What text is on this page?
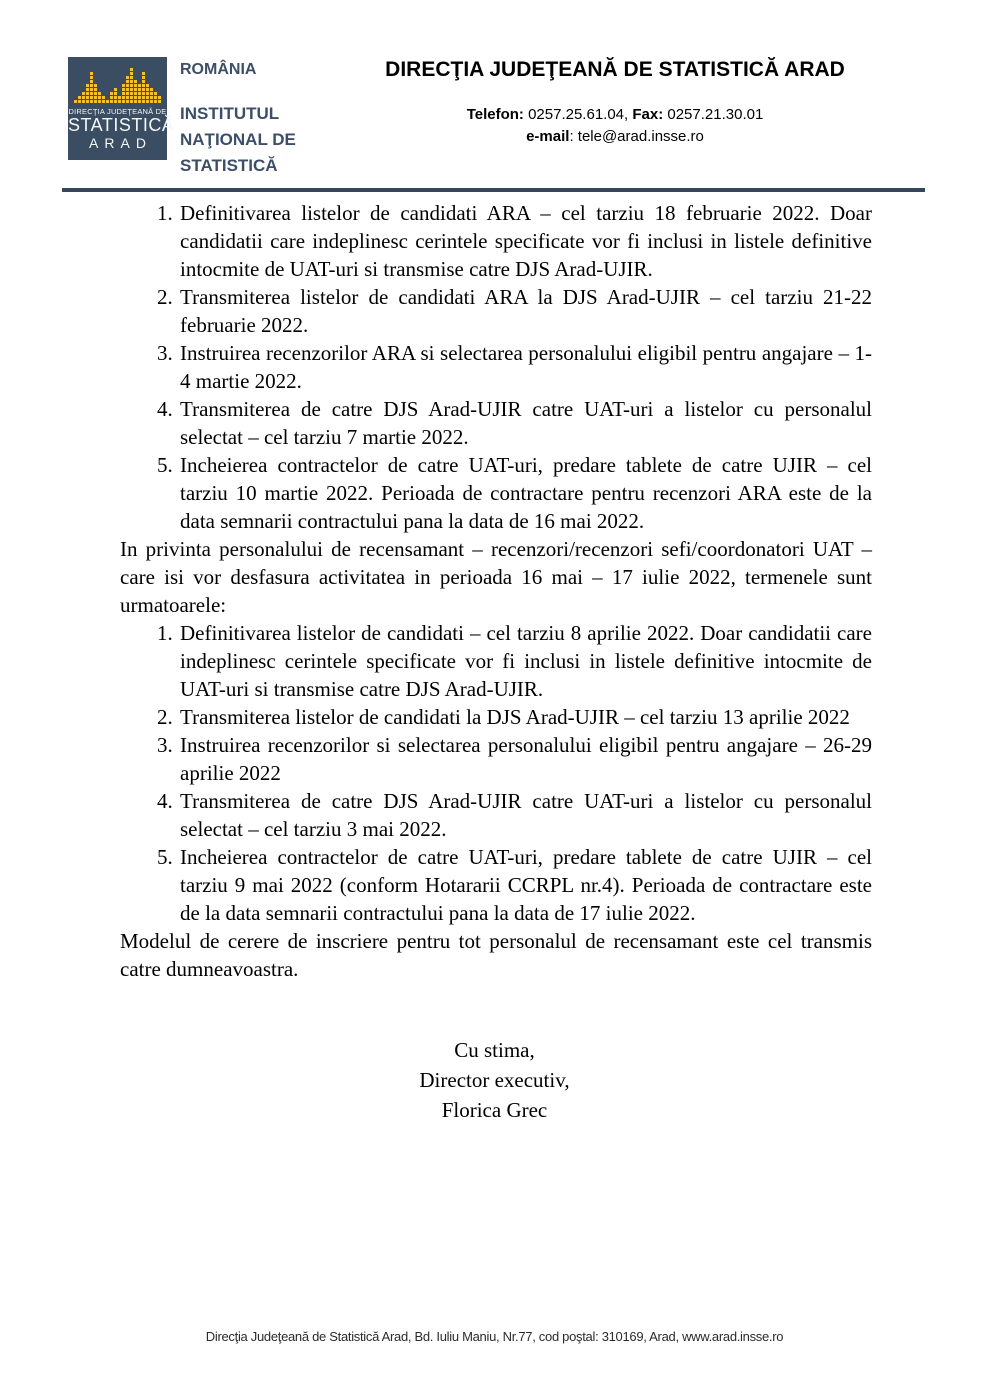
DIRECŢIA JUDEŢEANĂ DE
STATISTICĂ
ARAD
ROMÂNIA
INSTITUTUL
NAŢIONAL DE
STATISTICĂ
DIRECŢIA JUDEŢEANĂ DE STATISTICĂ ARAD
Telefon: 0257.25.61.04, Fax: 0257.21.30.01
e-mail: tele@arad.insse.ro
1. Definitivarea listelor de candidati ARA – cel tarziu 18 februarie 2022. Doar candidatii care indeplinesc cerintele specificate vor fi inclusi in listele definitive intocmite de UAT-uri si transmise catre DJS Arad-UJIR.
2. Transmiterea listelor de candidati ARA la DJS Arad-UJIR – cel tarziu 21-22 februarie 2022.
3. Instruirea recenzorilor ARA si selectarea personalului eligibil pentru angajare – 1-4 martie 2022.
4. Transmiterea de catre DJS Arad-UJIR catre UAT-uri a listelor cu personalul selectat – cel tarziu 7 martie 2022.
5. Incheierea contractelor de catre UAT-uri, predare tablete de catre UJIR – cel tarziu 10 martie 2022. Perioada de contractare pentru recenzori ARA este de la data semnarii contractului pana la data de 16 mai 2022.

In privinta personalului de recensamant – recenzori/recenzori sefi/coordonatori UAT – care isi vor desfasura activitatea in perioada 16 mai – 17 iulie 2022, termenele sunt urmatoarele:

1. Definitivarea listelor de candidati – cel tarziu 8 aprilie 2022. Doar candidatii care indeplinesc cerintele specificate vor fi inclusi in listele definitive intocmite de UAT-uri si transmise catre DJS Arad-UJIR.
2. Transmiterea listelor de candidati la DJS Arad-UJIR – cel tarziu 13 aprilie 2022
3. Instruirea recenzorilor si selectarea personalului eligibil pentru angajare – 26-29 aprilie 2022
4. Transmiterea de catre DJS Arad-UJIR catre UAT-uri a listelor cu personalul selectat – cel tarziu 3 mai 2022.
5. Incheierea contractelor de catre UAT-uri, predare tablete de catre UJIR – cel tarziu 9 mai 2022 (conform Hotararii CCRPL nr.4). Perioada de contractare este de la data semnarii contractului pana la data de 17 iulie 2022.

Modelul de cerere de inscriere pentru tot personalul de recensamant este cel transmis catre dumneavoastra.

Cu stima,
Director executiv,
Florica Grec
Direcţia Judeţeană de Statistică Arad, Bd. Iuliu Maniu, Nr.77, cod poştal: 310169, Arad, www.arad.insse.ro
